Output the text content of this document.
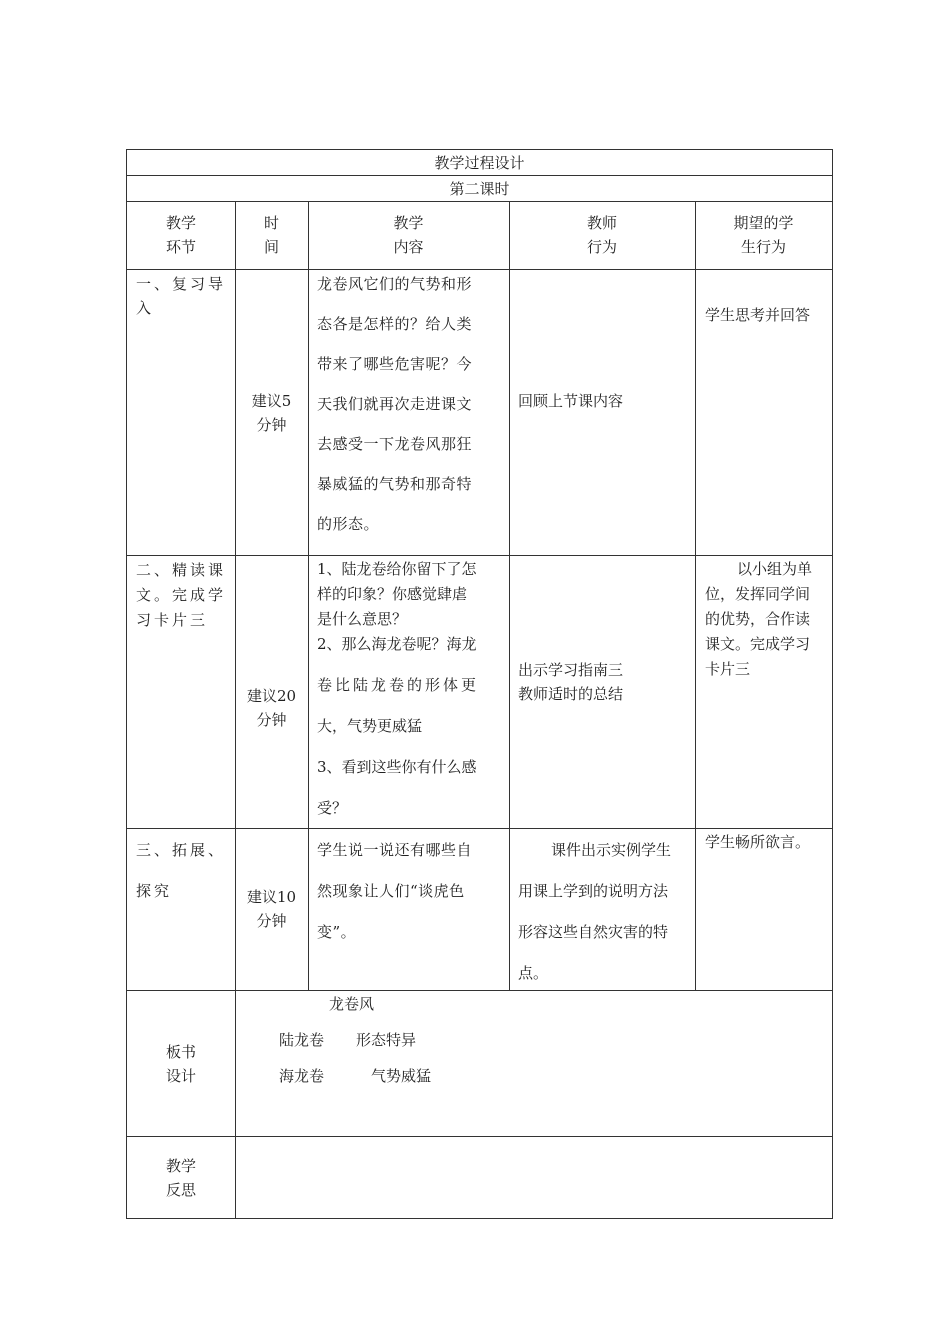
教学过程设计
第二课时
教学
环节
时
间
教学
内容
教师
行为
期望的学
生行为
一、复习导
入
建议5
分钟
龙卷风它们的气势和形
态各是怎样的？给人类
带来了哪些危害呢？今
天我们就再次走进课文
去感受一下龙卷风那狂
暴威猛的气势和那奇特
的形态。
回顾上节课内容
学生思考并回答
二、精读课
文。完成学
习卡片三
建议20
分钟
1、陆龙卷给你留下了怎
样的印象？你感觉肆虐
是什么意思？
2、那么海龙卷呢？海龙
卷比陆龙卷的形体更
大，气势更威猛
3、看到这些你有什么感
受？
出示学习指南三
教师适时的总结
以小组为单
位，发挥同学间
的优势，合作读
课文。完成学习
卡片三
三、拓展、
探究	建议10
分钟
学生说一说还有哪些自
然现象让人们“谈虎色
变”。
课件出示实例学生
用课上学到的说明方法
形容这些自然灾害的特
点。
学生畅所欲言。
板书
设计
龙卷风
陆龙卷 形态特异
海龙卷	气势威猛
教学
反思
